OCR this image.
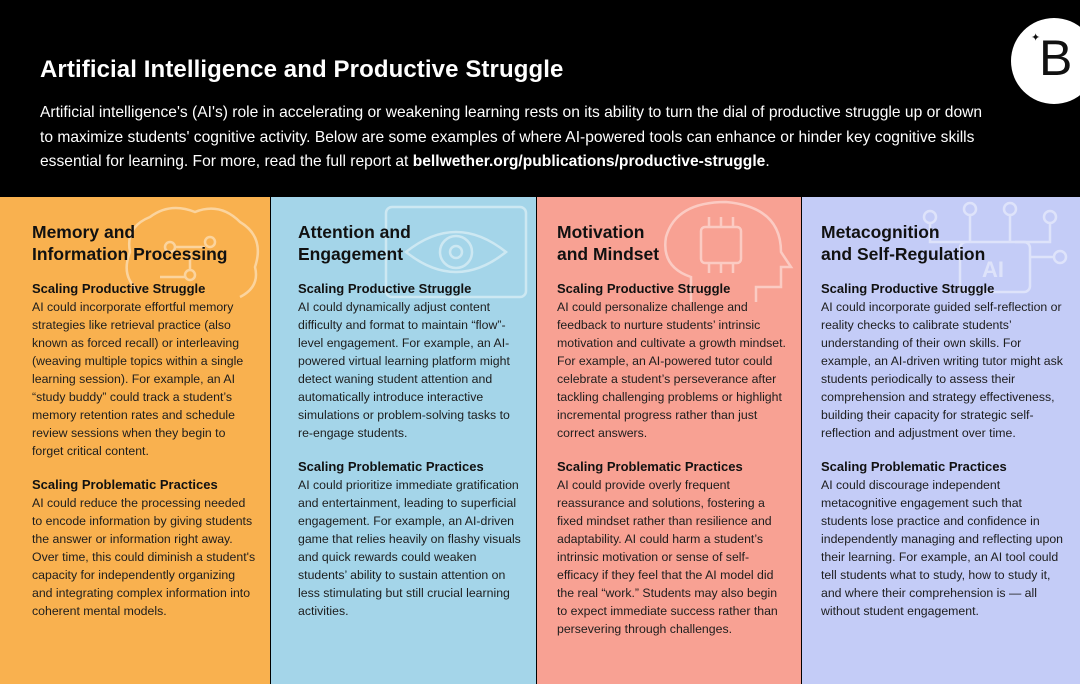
Artificial Intelligence and Productive Struggle

Artificial intelligence's (AI's) role in accelerating or weakening learning rests on its ability to turn the dial of productive struggle up or down to maximize students' cognitive activity. Below are some examples of where AI-powered tools can enhance or hinder key cognitive skills essential for learning. For more, read the full report at bellwether.org/publications/productive-struggle.

✦
B
Memory and
Information Processing
Scaling Productive Struggle

AI could incorporate effortful memory strategies like retrieval practice (also known as forced recall) or interleaving (weaving multiple topics within a single learning session). For example, an AI “study buddy” could track a student’s memory retention rates and schedule review sessions when they begin to forget critical content.

Scaling Problematic Practices

AI could reduce the processing needed to encode information by giving students the answer or information right away. Over time, this could diminish a student's capacity for independently organizing and integrating complex information into coherent mental models.

Attention and
Engagement
Scaling Productive Struggle

AI could dynamically adjust content difficulty and format to maintain “flow”-level engagement. For example, an AI-powered virtual learning platform might detect waning student attention and automatically introduce interactive simulations or problem-solving tasks to re-engage students.

Scaling Problematic Practices

AI could prioritize immediate gratification and entertainment, leading to superficial engagement. For example, an AI-driven game that relies heavily on flashy visuals and quick rewards could weaken students’ ability to sustain attention on less stimulating but still crucial learning activities.

Motivation
and Mindset
Scaling Productive Struggle

AI could personalize challenge and feedback to nurture students’ intrinsic motivation and cultivate a growth mindset. For example, an AI-powered tutor could celebrate a student’s perseverance after tackling challenging problems or highlight incremental progress rather than just correct answers.

Scaling Problematic Practices

AI could provide overly frequent reassurance and solutions, fostering a fixed mindset rather than resilience and adaptability. AI could harm a student’s intrinsic motivation or sense of self-efficacy if they feel that the AI model did the real “work.” Students may also begin to expect immediate success rather than persevering through challenges.

AI
Metacognition
and Self-Regulation
Scaling Productive Struggle

AI could incorporate guided self-reflection or reality checks to calibrate students’ understanding of their own skills. For example, an AI-driven writing tutor might ask students periodically to assess their comprehension and strategy effectiveness, building their capacity for strategic self-reflection and adjustment over time.

Scaling Problematic Practices

AI could discourage independent metacognitive engagement such that students lose practice and confidence in independently managing and reflecting upon their learning. For example, an AI tool could tell students what to study, how to study it, and where their comprehension is — all without student engagement.
